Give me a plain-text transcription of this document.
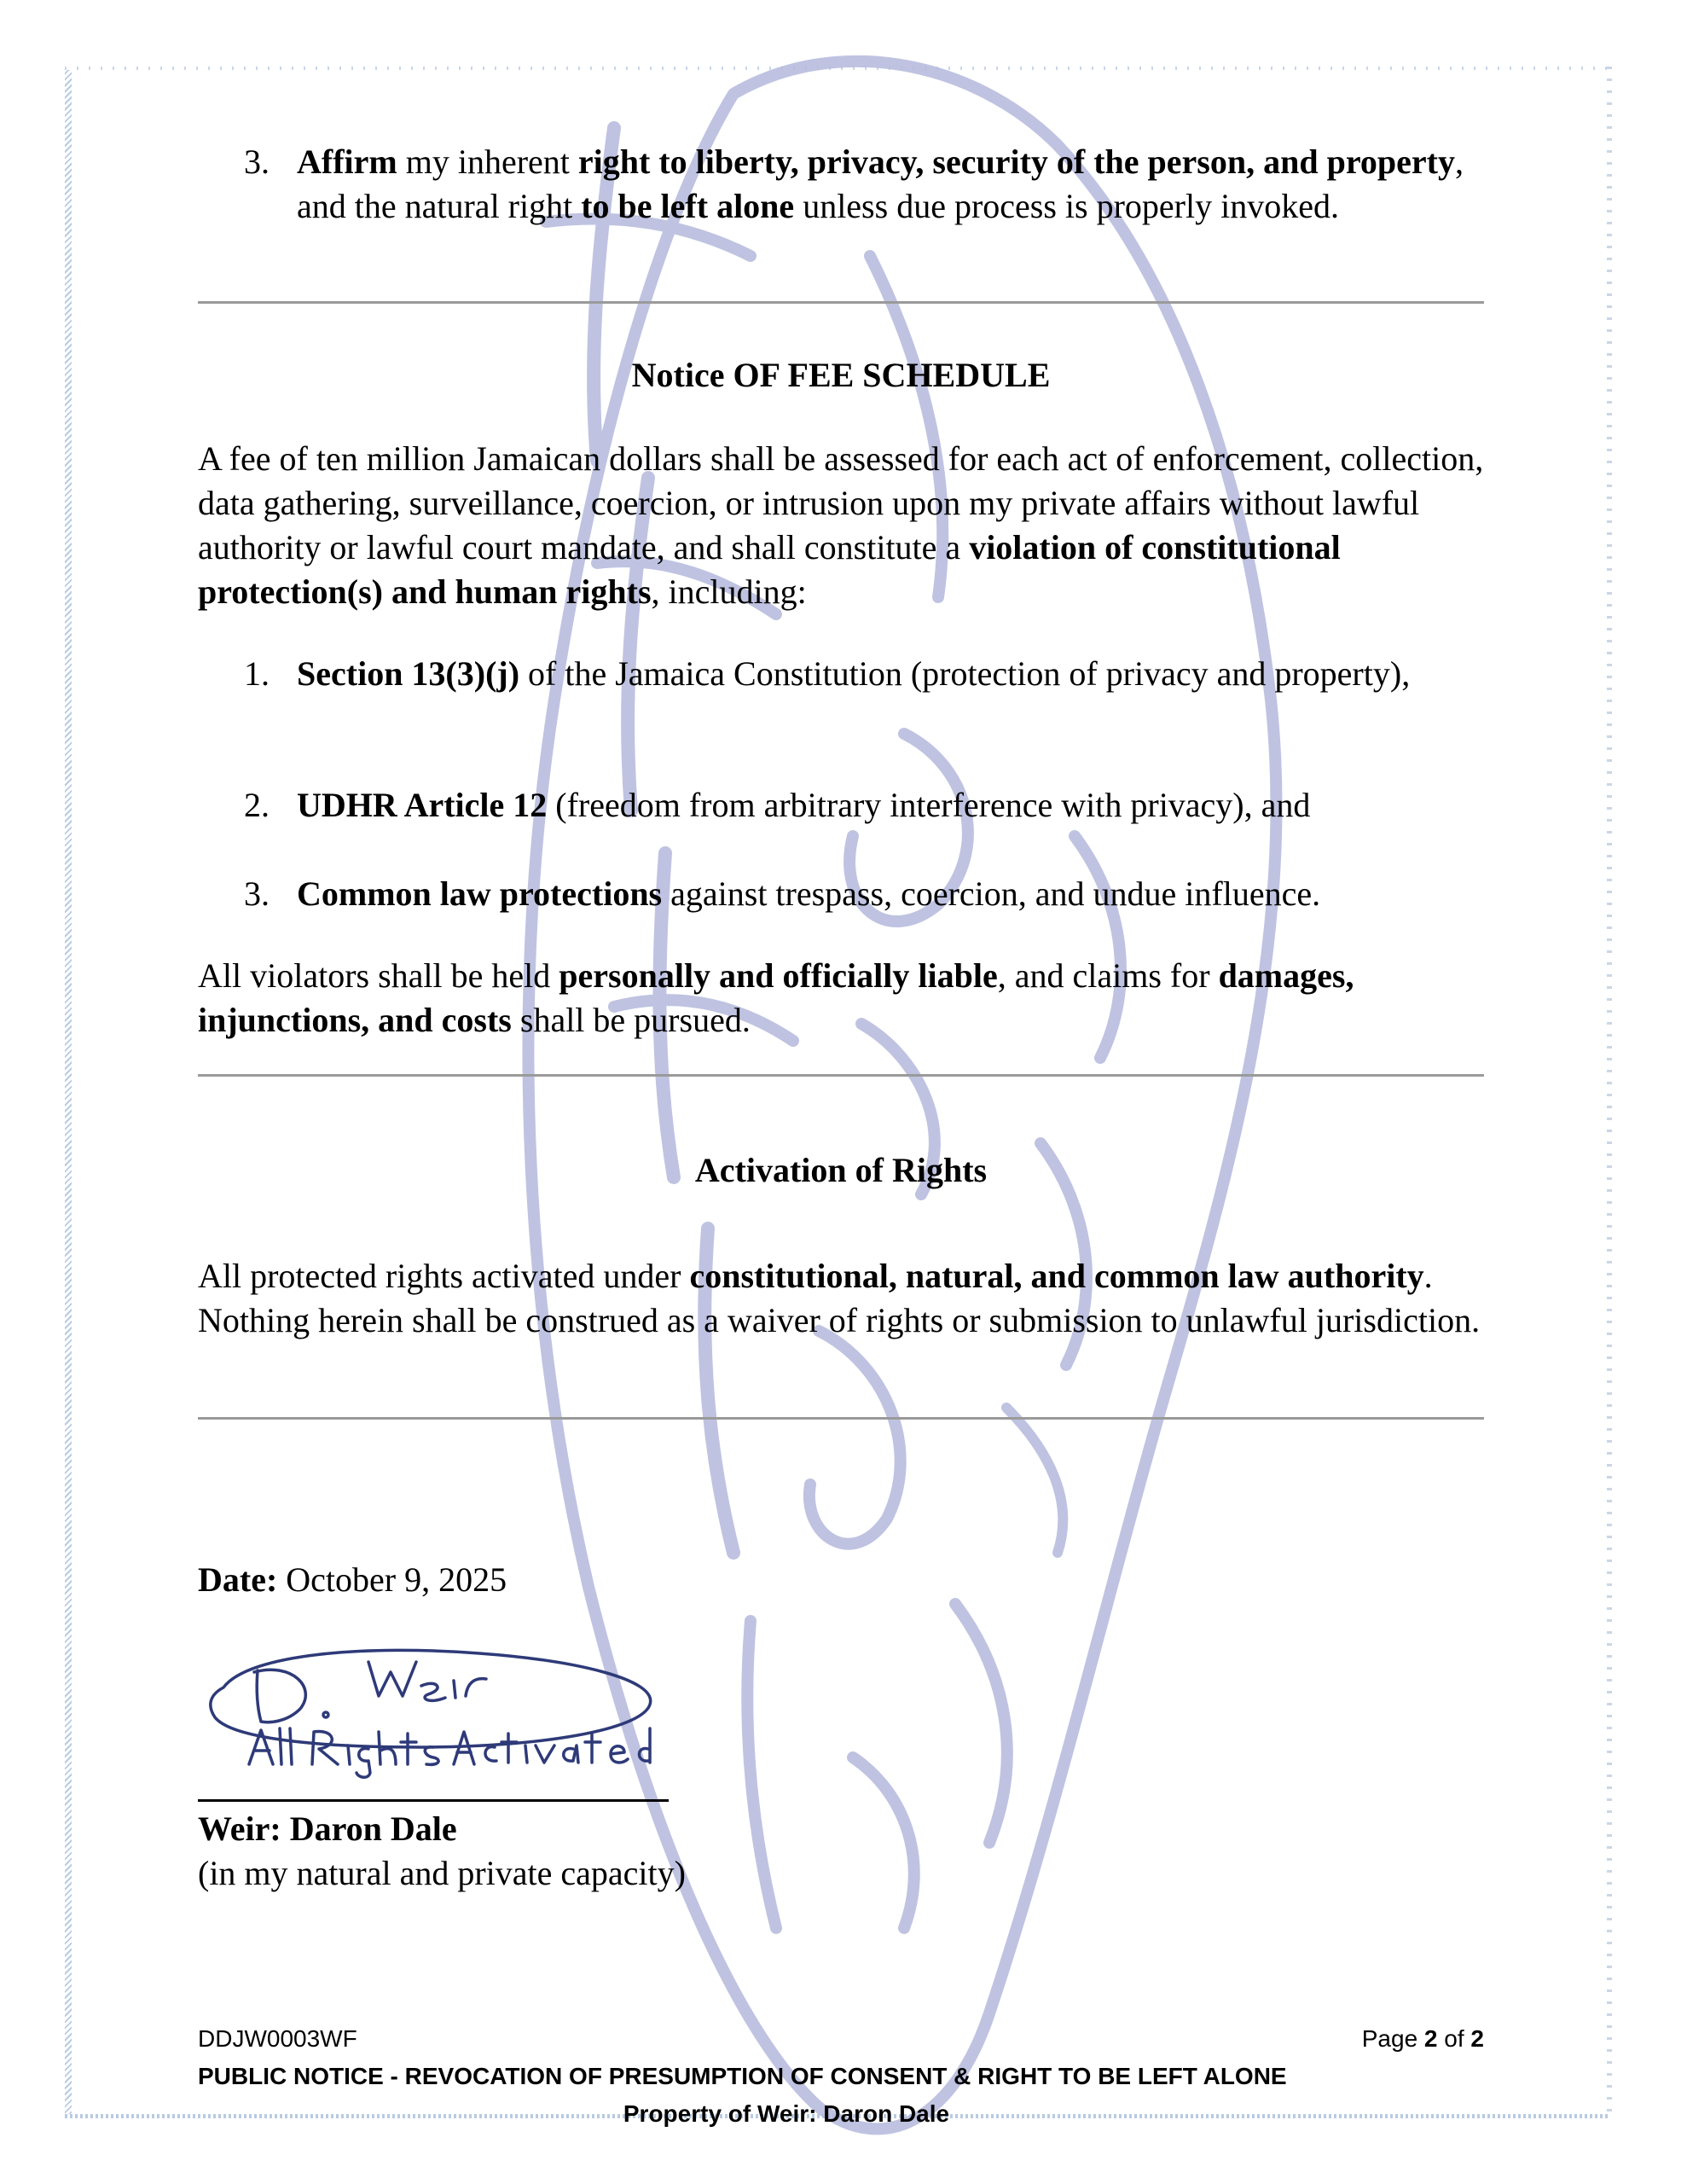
3. Affirm my inherent right to liberty, privacy, security of the person, and property, and the natural right to be left alone unless due process is properly invoked.
Notice OF FEE SCHEDULE
A fee of ten million Jamaican dollars shall be assessed for each act of enforcement, collection, data gathering, surveillance, coercion, or intrusion upon my private affairs without lawful authority or lawful court mandate, and shall constitute a violation of constitutional protection(s) and human rights, including:
1. Section 13(3)(j) of the Jamaica Constitution (protection of privacy and property),
2. UDHR Article 12 (freedom from arbitrary interference with privacy), and
3. Common law protections against trespass, coercion, and undue influence.
All violators shall be held personally and officially liable, and claims for damages, injunctions, and costs shall be pursued.
Activation of Rights
All protected rights activated under constitutional, natural, and common law authority. Nothing herein shall be construed as a waiver of rights or submission to unlawful jurisdiction.
Date: October 9, 2025
Weir: Daron Dale
(in my natural and private capacity)
DDJW0003WF	Page 2 of 2
PUBLIC NOTICE - REVOCATION OF PRESUMPTION OF CONSENT & RIGHT TO BE LEFT ALONE
Property of Weir: Daron Dale
